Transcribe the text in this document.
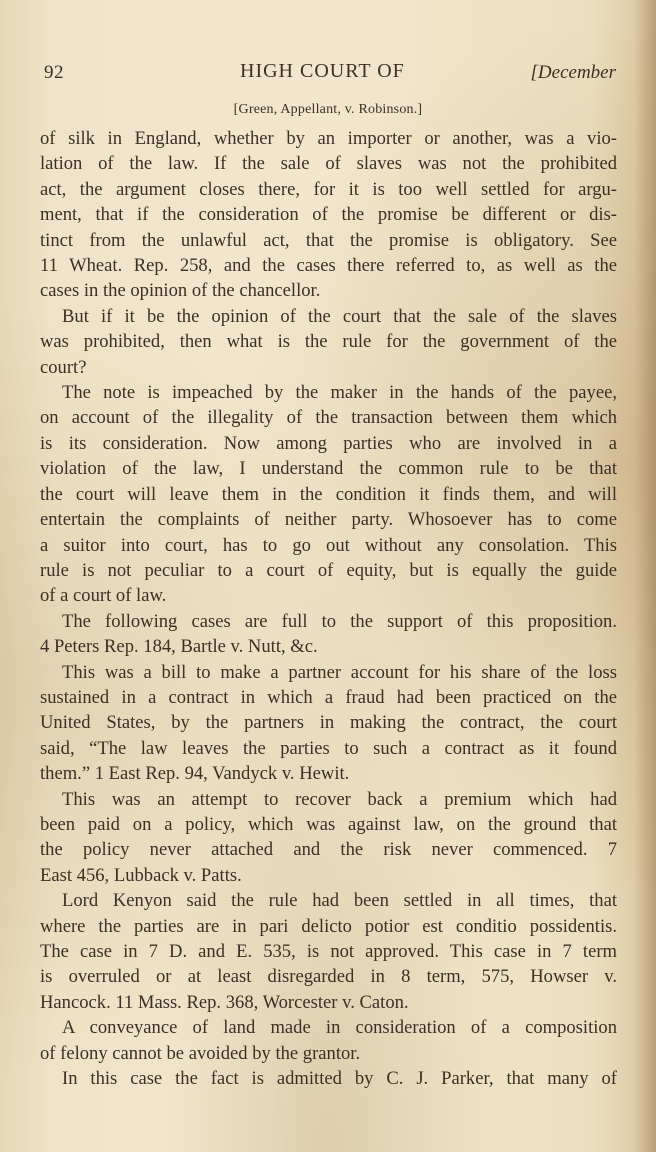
92	HIGH COURT OF	[December
[Green, Appellant, v. Robinson.]
of silk in England, whether by an importer or another, was a vio-
lation of the law. If the sale of slaves was not the prohibited
act, the argument closes there, for it is too well settled for argu-
ment, that if the consideration of the promise be different or dis-
tinct from the unlawful act, that the promise is obligatory. See
11 Wheat. Rep. 258, and the cases there referred to, as well as the
cases in the opinion of the chancellor.
But if it be the opinion of the court that the sale of the slaves
was prohibited, then what is the rule for the government of the
court?
The note is impeached by the maker in the hands of the payee,
on account of the illegality of the transaction between them which
is its consideration. Now among parties who are involved in a
violation of the law, I understand the common rule to be that
the court will leave them in the condition it finds them, and will
entertain the complaints of neither party. Whosoever has to come
a suitor into court, has to go out without any consolation. This
rule is not peculiar to a court of equity, but is equally the guide
of a court of law.
The following cases are full to the support of this proposition.
4 Peters Rep. 184, Bartle v. Nutt, &c.
This was a bill to make a partner account for his share of the loss
sustained in a contract in which a fraud had been practiced on the
United States, by the partners in making the contract, the court
said, “The law leaves the parties to such a contract as it found
them.” 1 East Rep. 94, Vandyck v. Hewit.
This was an attempt to recover back a premium which had
been paid on a policy, which was against law, on the ground that
the policy never attached and the risk never commenced. 7
East 456, Lubback v. Patts.
Lord Kenyon said the rule had been settled in all times, that
where the parties are in pari delicto potior est conditio possidentis.
The case in 7 D. and E. 535, is not approved. This case in 7 term
is overruled or at least disregarded in 8 term, 575, Howser v.
Hancock. 11 Mass. Rep. 368, Worcester v. Caton.
A conveyance of land made in consideration of a composition
of felony cannot be avoided by the grantor.
In this case the fact is admitted by C. J. Parker, that many of
